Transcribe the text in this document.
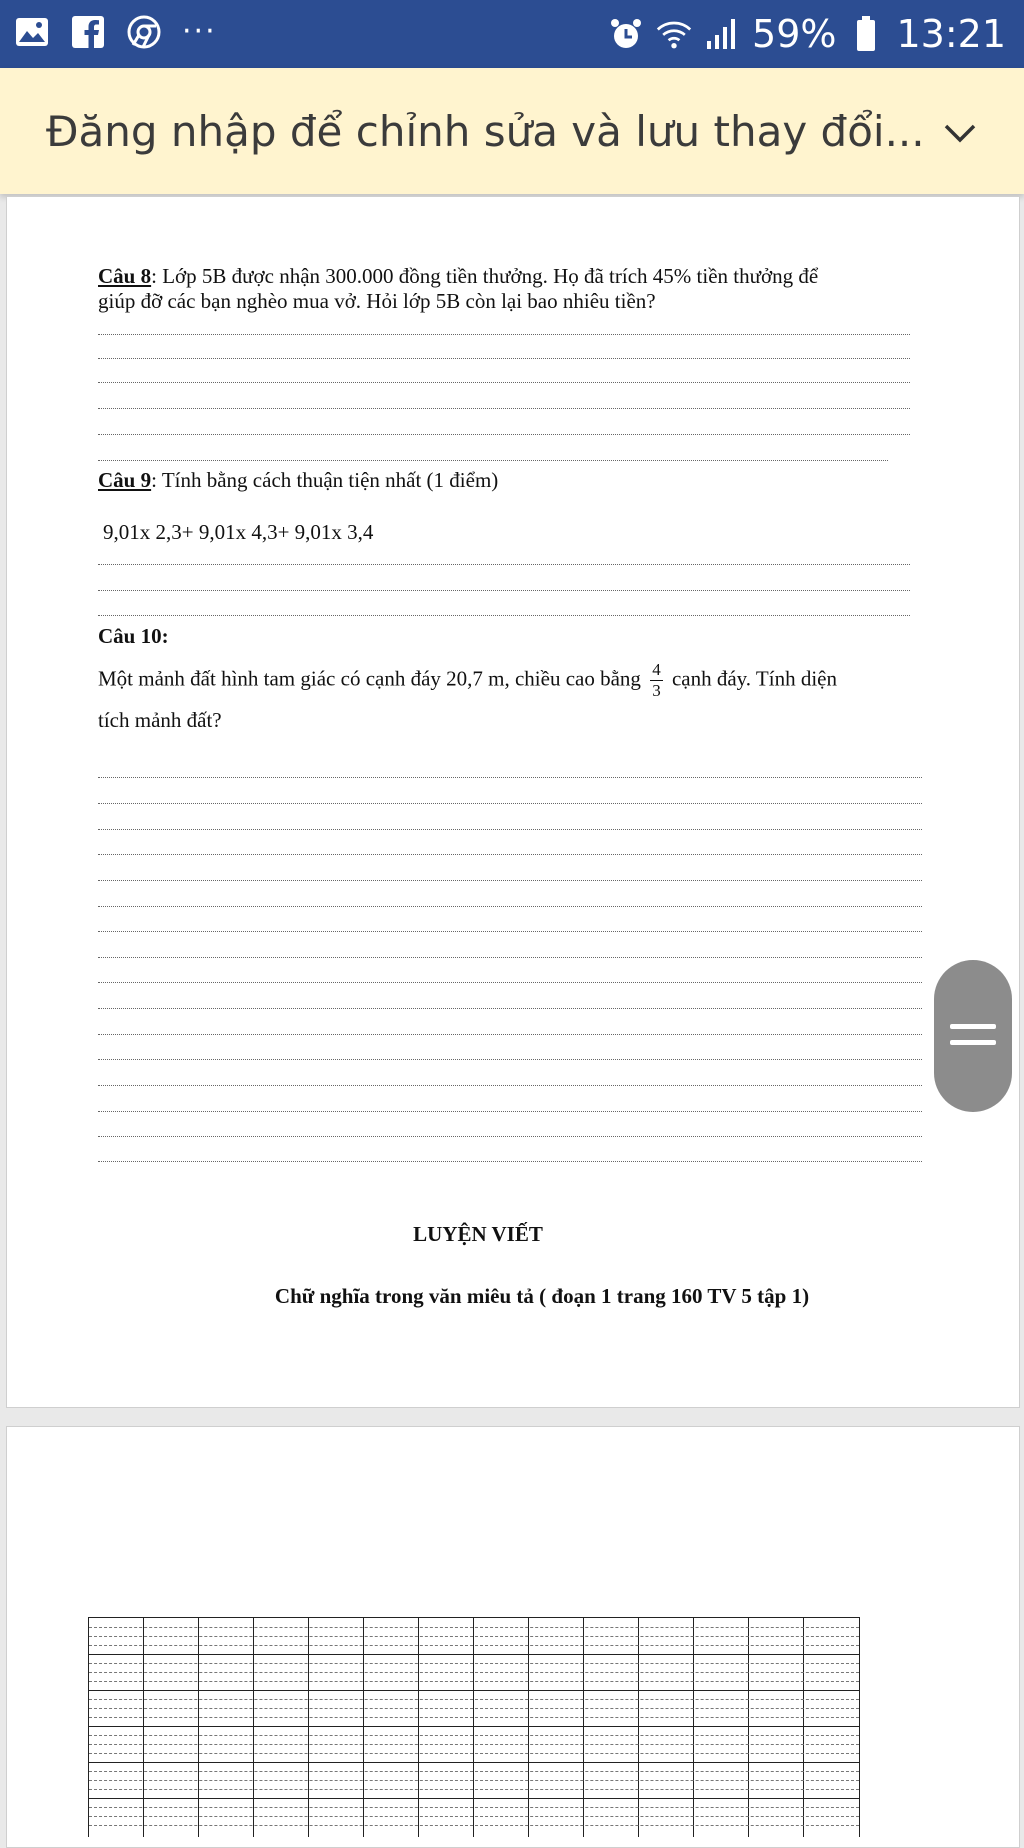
···	59% 13:21
Đăng nhập để chỉnh sửa và lưu thay đổi...
Câu 8: Lớp 5B được nhận 300.000 đồng tiền thưởng. Họ đã trích 45% tiền thưởng để
giúp đỡ các bạn nghèo mua vở. Hỏi lớp 5B còn lại bao nhiêu tiền?
Câu 9: Tính bằng cách thuận tiện nhất (1 điểm)
9,01x 2,3+ 9,01x 4,3+ 9,01x 3,4
Câu 10:
Một mảnh đất hình tam giác có cạnh đáy 20,7 m, chiều cao bằng $\frac{4}{3}$ cạnh đáy. Tính diện
tích mảnh đất?
LUYỆN VIẾT
Chữ nghĩa trong văn miêu tả ( đoạn 1 trang 160 TV 5 tập 1)
